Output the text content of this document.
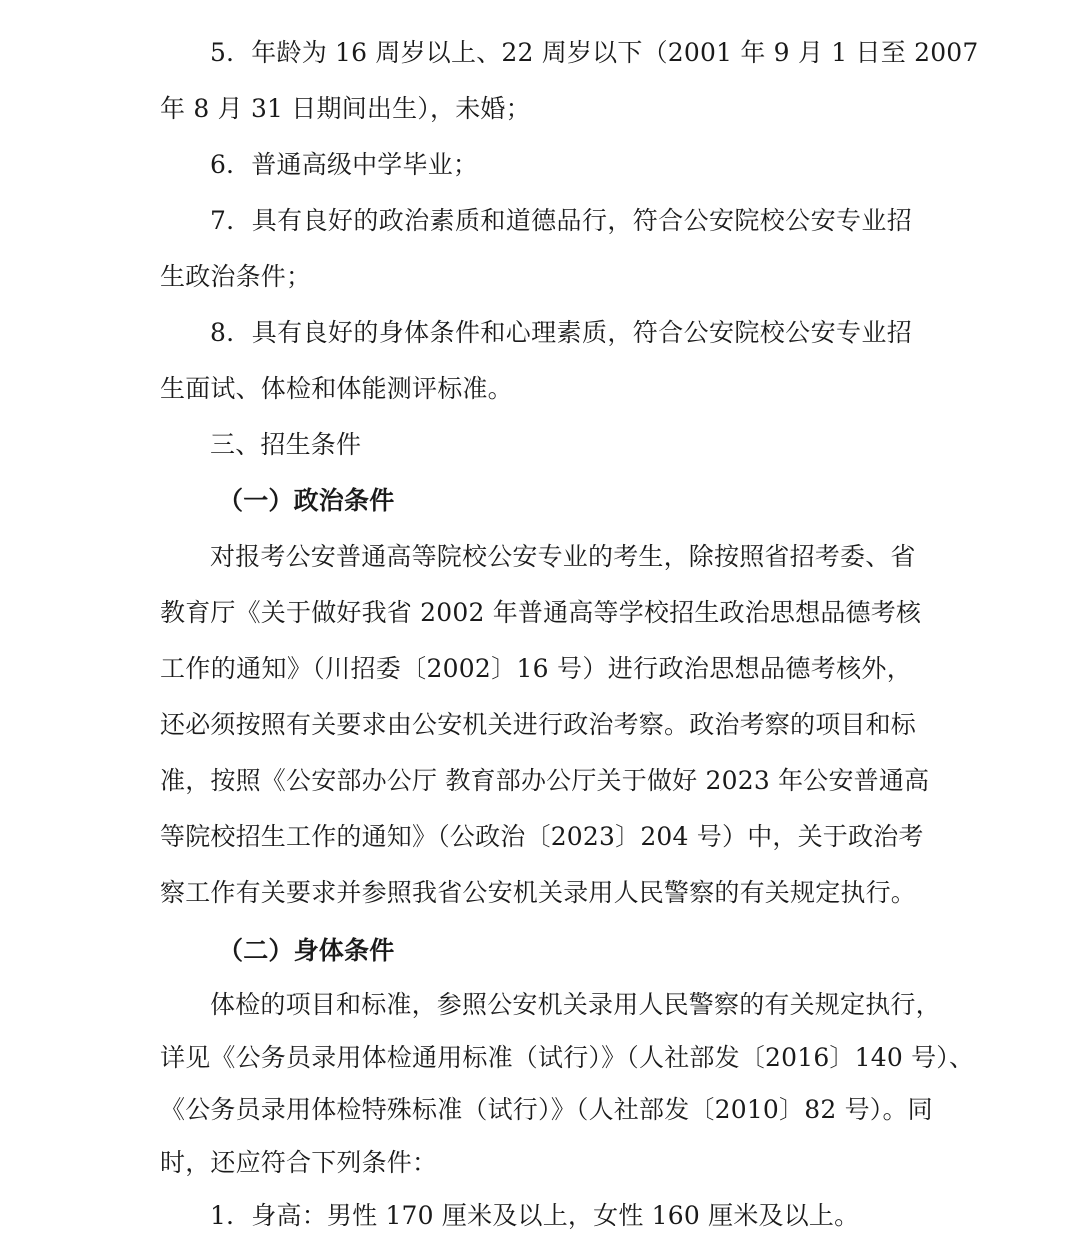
5．年龄为 16 周岁以上、22 周岁以下（2001 年 9 月 1 日至 2007
年 8 月 31 日期间出生），未婚；
6．普通高级中学毕业；
7．具有良好的政治素质和道德品行，符合公安院校公安专业招
生政治条件；
8．具有良好的身体条件和心理素质，符合公安院校公安专业招
生面试、体检和体能测评标准。
三、招生条件
（一）政治条件
对报考公安普通高等院校公安专业的考生，除按照省招考委、省
教育厅《关于做好我省 2002 年普通高等学校招生政治思想品德考核
工作的通知》（川招委〔2002〕16 号）进行政治思想品德考核外，
还必须按照有关要求由公安机关进行政治考察。政治考察的项目和标
准，按照《公安部办公厅 教育部办公厅关于做好 2023 年公安普通高
等院校招生工作的通知》（公政治〔2023〕204 号）中，关于政治考
察工作有关要求并参照我省公安机关录用人民警察的有关规定执行。
（二）身体条件
体检的项目和标准，参照公安机关录用人民警察的有关规定执行，
详见《公务员录用体检通用标准（试行）》（人社部发〔2016〕140 号）、
《公务员录用体检特殊标准（试行）》（人社部发〔2010〕82 号）。同
时，还应符合下列条件：
1．身高：男性 170 厘米及以上，女性 160 厘米及以上。
